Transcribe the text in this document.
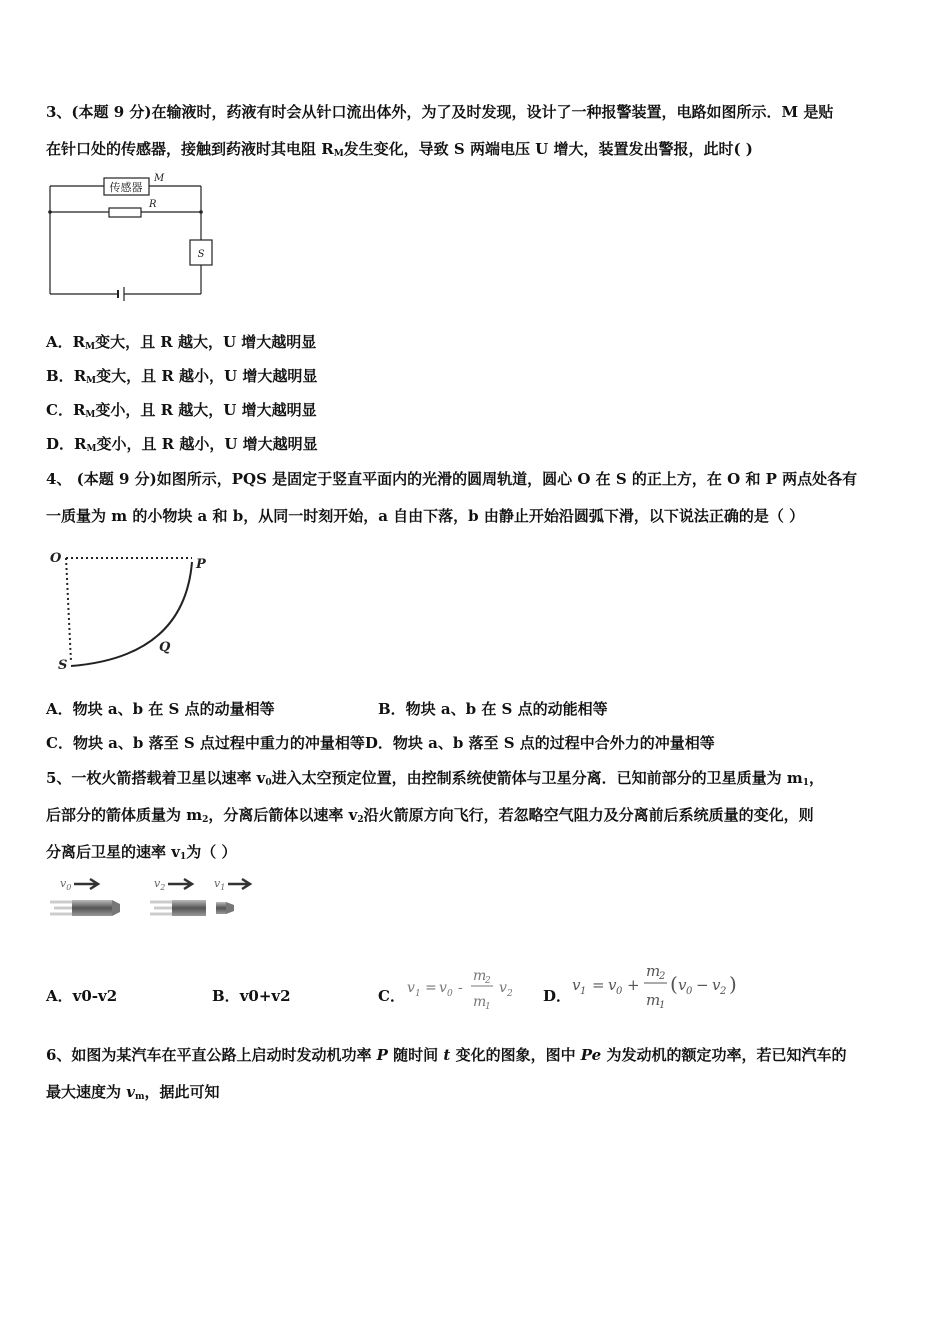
3、(本题 9 分)在输液时，药液有时会从针口流出体外，为了及时发现，设计了一种报警装置，电路如图所示．M 是贴
在针口处的传感器，接触到药液时其电阻 $R_M$发生变化，导致 S 两端电压 U 增大，装置发出警报，此时( )
传感器
M
R
S
A．$R_M$变大，且 R 越大，U 增大越明显
B．$R_M$变大，且 R 越小，U 增大越明显
C．$R_M$变小，且 R 越大，U 增大越明显
D．$R_M$变小，且 R 越小，U 增大越明显
4、 (本题 9 分)如图所示，PQS 是固定于竖直平面内的光滑的圆周轨道，圆心 O 在 S 的正上方，在 O 和 P 两点处各有
一质量为 m 的小物块 a 和 b，从同一时刻开始，a 自由下落，b 由静止开始沿圆弧下滑，以下说法正确的是（ ）
O	P
Q
S
A．物块 a、b 在 S 点的动量相等	B．物块 a、b 在 S 点的动能相等
C．物块 a、b 落至 S 点过程中重力的冲量相等D．物块 a、b 落至 S 点的过程中合外力的冲量相等
5、一枚火箭搭载着卫星以速率 $v_0$进入太空预定位置，由控制系统使箭体与卫星分离．已知前部分的卫星质量为 $m_1$，
后部分的箭体质量为 $m_2$，分离后箭体以速率 $v_2$沿火箭原方向飞行，若忽略空气阻力及分离前后系统质量的变化，则
分离后卫星的速率 $v_1$为（ ）
$v_0$	$v_2$	$v_1$
A．v0-v2	B．v0+v2	C． v 1 = v 0 -
m
2
m
1
v 2 D．
v 1 = v 0 +
m
2
m
1
( v 0 − v 2 )
6、如图为某汽车在平直公路上启动时发动机功率 P 随时间 t 变化的图象，图中 Pe 为发动机的额定功率，若已知汽车的
最大速度为 $v_m$，据此可知
